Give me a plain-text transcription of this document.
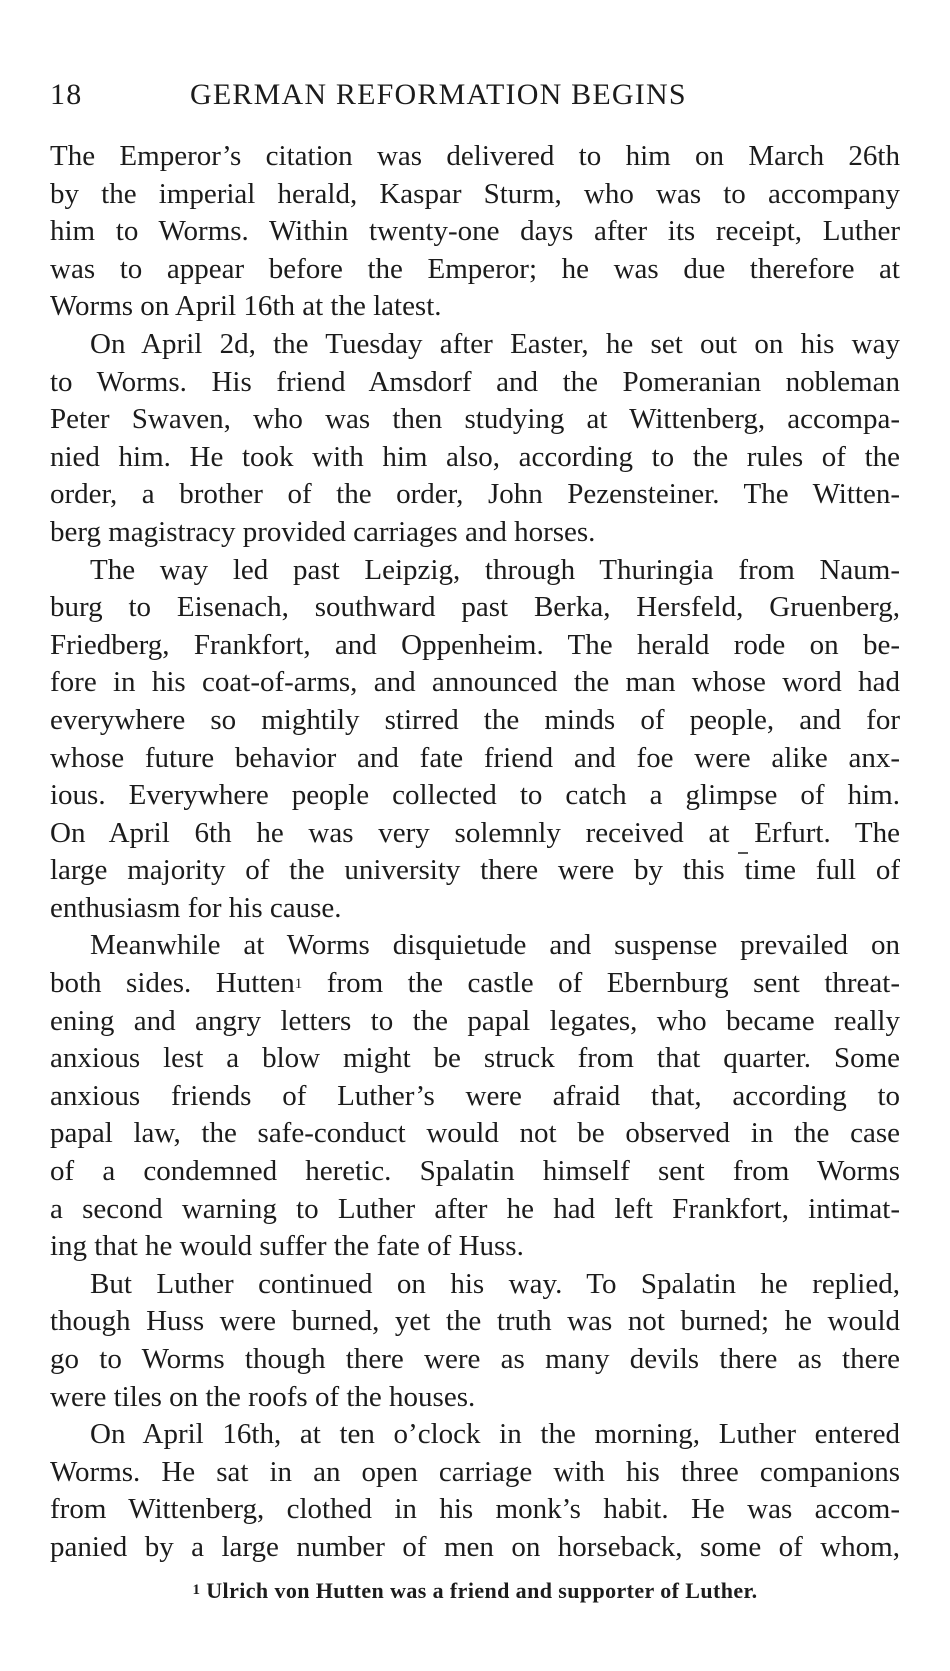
18	GERMAN REFORMATION BEGINS
The Emperor’s citation was delivered to him on March 26th
by the imperial herald, Kaspar Sturm, who was to accompany
him to Worms. Within twenty-one days after its receipt, Luther
was to appear before the Emperor; he was due therefore at
Worms on April 16th at the latest.
On April 2d, the Tuesday after Easter, he set out on his way
to Worms. His friend Amsdorf and the Pomeranian nobleman
Peter Swaven, who was then studying at Wittenberg, accompa-
nied him. He took with him also, according to the rules of the
order, a brother of the order, John Pezensteiner. The Witten-
berg magistracy provided carriages and horses.
The way led past Leipzig, through Thuringia from Naum-
burg to Eisenach, southward past Berka, Hersfeld, Gruenberg,
Friedberg, Frankfort, and Oppenheim. The herald rode on be-
fore in his coat-of-arms, and announced the man whose word had
everywhere so mightily stirred the minds of people, and for
whose future behavior and fate friend and foe were alike anx-
ious. Everywhere people collected to catch a glimpse of him.
On April 6th he was very solemnly received at Erfurt. The
large majority of the university there were by this time full of
enthusiasm for his cause.
Meanwhile at Worms disquietude and suspense prevailed on
both sides. Hutten$^1$ from the castle of Ebernburg sent threat-
ening and angry letters to the papal legates, who became really
anxious lest a blow might be struck from that quarter. Some
anxious friends of Luther’s were afraid that, according to
papal law, the safe-conduct would not be observed in the case
of a condemned heretic. Spalatin himself sent from Worms
a second warning to Luther after he had left Frankfort, intimat-
ing that he would suffer the fate of Huss.
But Luther continued on his way. To Spalatin he replied,
though Huss were burned, yet the truth was not burned; he would
go to Worms though there were as many devils there as there
were tiles on the roofs of the houses.
On April 16th, at ten o’clock in the morning, Luther entered
Worms. He sat in an open carriage with his three companions
from Wittenberg, clothed in his monk’s habit. He was accom-
panied by a large number of men on horseback, some of whom,
$^1$ Ulrich von Hutten was a friend and supporter of Luther.
